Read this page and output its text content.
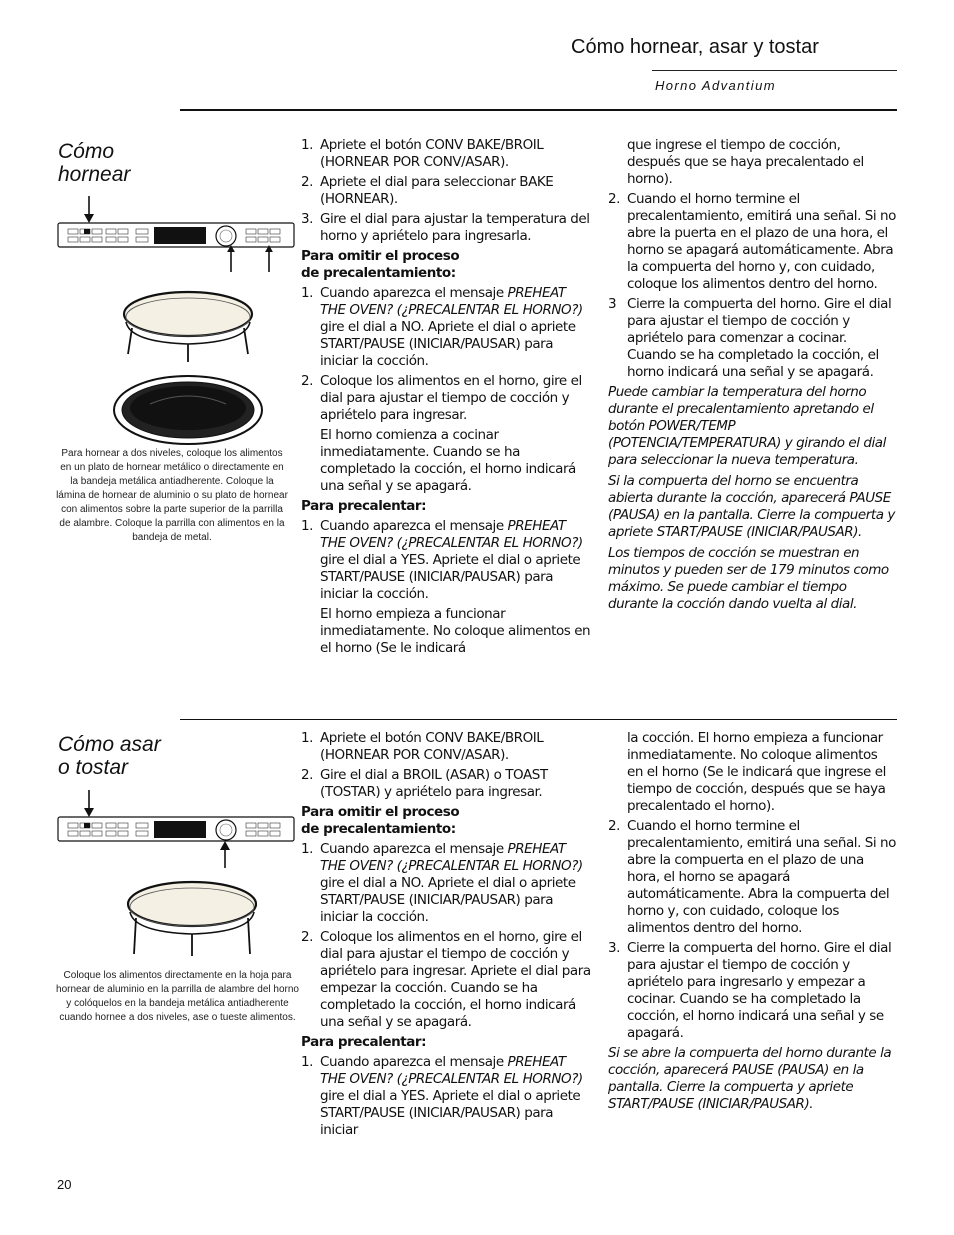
Cómo hornear, asar y tostar
Horno Advantium
Cómo
hornear
Para hornear a dos niveles, coloque los alimentos en un plato de hornear metálico o directamente en la bandeja metálica antiadherente. Coloque la lámina de hornear de aluminio o su plato de hornear con alimentos sobre la parte superior de la parrilla de alambre. Coloque la parrilla con alimentos en la bandeja de metal.
1. Apriete el botón CONV BAKE/BROIL (HORNEAR POR CONV/ASAR).
2. Apriete el dial para seleccionar BAKE (HORNEAR).
3. Gire el dial para ajustar la temperatura del horno y apriételo para ingresarla.
Para omitir el proceso
de precalentamiento:
1. Cuando aparezca el mensaje PREHEAT THE OVEN? (¿PRECALENTAR EL HORNO?) gire el dial a NO. Apriete el dial o apriete START/PAUSE (INICIAR/PAUSAR) para iniciar la cocción.
2. Coloque los alimentos en el horno, gire el dial para ajustar el tiempo de cocción y apriételo para ingresar.
El horno comienza a cocinar inmediatamente. Cuando se ha completado la cocción, el horno indicará una señal y se apagará.
Para precalentar:
1. Cuando aparezca el mensaje PREHEAT THE OVEN? (¿PRECALENTAR EL HORNO?) gire el dial a YES. Apriete el dial o apriete START/PAUSE (INICIAR/PAUSAR) para iniciar la cocción.
El horno empieza a funcionar inmediatamente. No coloque alimentos en el horno (Se le indicará
que ingrese el tiempo de cocción, después que se haya precalentado el horno).
2. Cuando el horno termine el precalentamiento, emitirá una señal. Si no abre la puerta en el plazo de una hora, el horno se apagará automáticamente. Abra la compuerta del horno y, con cuidado, coloque los alimentos dentro del horno.
3 Cierre la compuerta del horno. Gire el dial para ajustar el tiempo de cocción y apriételo para comenzar a cocinar. Cuando se ha completado la cocción, el horno indicará una señal y se apagará.
Puede cambiar la temperatura del horno durante el precalentamiento apretando el botón POWER/TEMP (POTENCIA/TEMPERATURA) y girando el dial para seleccionar la nueva temperatura.
Si la compuerta del horno se encuentra abierta durante la cocción, aparecerá PAUSE (PAUSA) en la pantalla. Cierre la compuerta y apriete START/PAUSE (INICIAR/PAUSAR).
Los tiempos de cocción se muestran en minutos y pueden ser de 179 minutos como máximo. Se puede cambiar el tiempo durante la cocción dando vuelta al dial.
Cómo asar
o tostar
Coloque los alimentos directamente en la hoja para hornear de aluminio en la parrilla de alambre del horno y colóquelos en la bandeja metálica antiadherente cuando hornee a dos niveles, ase o tueste alimentos.
1. Apriete el botón CONV BAKE/BROIL (HORNEAR POR CONV/ASAR).
2. Gire el dial a BROIL (ASAR) o TOAST (TOSTAR) y apriételo para ingresar.
Para omitir el proceso
de precalentamiento:
1. Cuando aparezca el mensaje PREHEAT THE OVEN? (¿PRECALENTAR EL HORNO?) gire el dial a NO. Apriete el dial o apriete START/PAUSE (INICIAR/PAUSAR) para iniciar la cocción.
2. Coloque los alimentos en el horno, gire el dial para ajustar el tiempo de cocción y apriételo para ingresar. Apriete el dial para empezar la cocción. Cuando se ha completado la cocción, el horno indicará una señal y se apagará.
Para precalentar:
1. Cuando aparezca el mensaje PREHEAT THE OVEN? (¿PRECALENTAR EL HORNO?) gire el dial a YES. Apriete el dial o apriete START/PAUSE (INICIAR/PAUSAR) para iniciar
la cocción. El horno empieza a funcionar inmediatamente. No coloque alimentos en el horno (Se le indicará que ingrese el tiempo de cocción, después que se haya precalentado el horno).
2. Cuando el horno termine el precalentamiento, emitirá una señal. Si no abre la compuerta en el plazo de una hora, el horno se apagará automáticamente. Abra la compuerta del horno y, con cuidado, coloque los alimentos dentro del horno.
3. Cierre la compuerta del horno. Gire el dial para ajustar el tiempo de cocción y apriételo para ingresarlo y empezar a cocinar. Cuando se ha completado la cocción, el horno indicará una señal y se apagará.
Si se abre la compuerta del horno durante la cocción, aparecerá PAUSE (PAUSA) en la pantalla. Cierre la compuerta y apriete START/PAUSE (INICIAR/PAUSAR).
20
